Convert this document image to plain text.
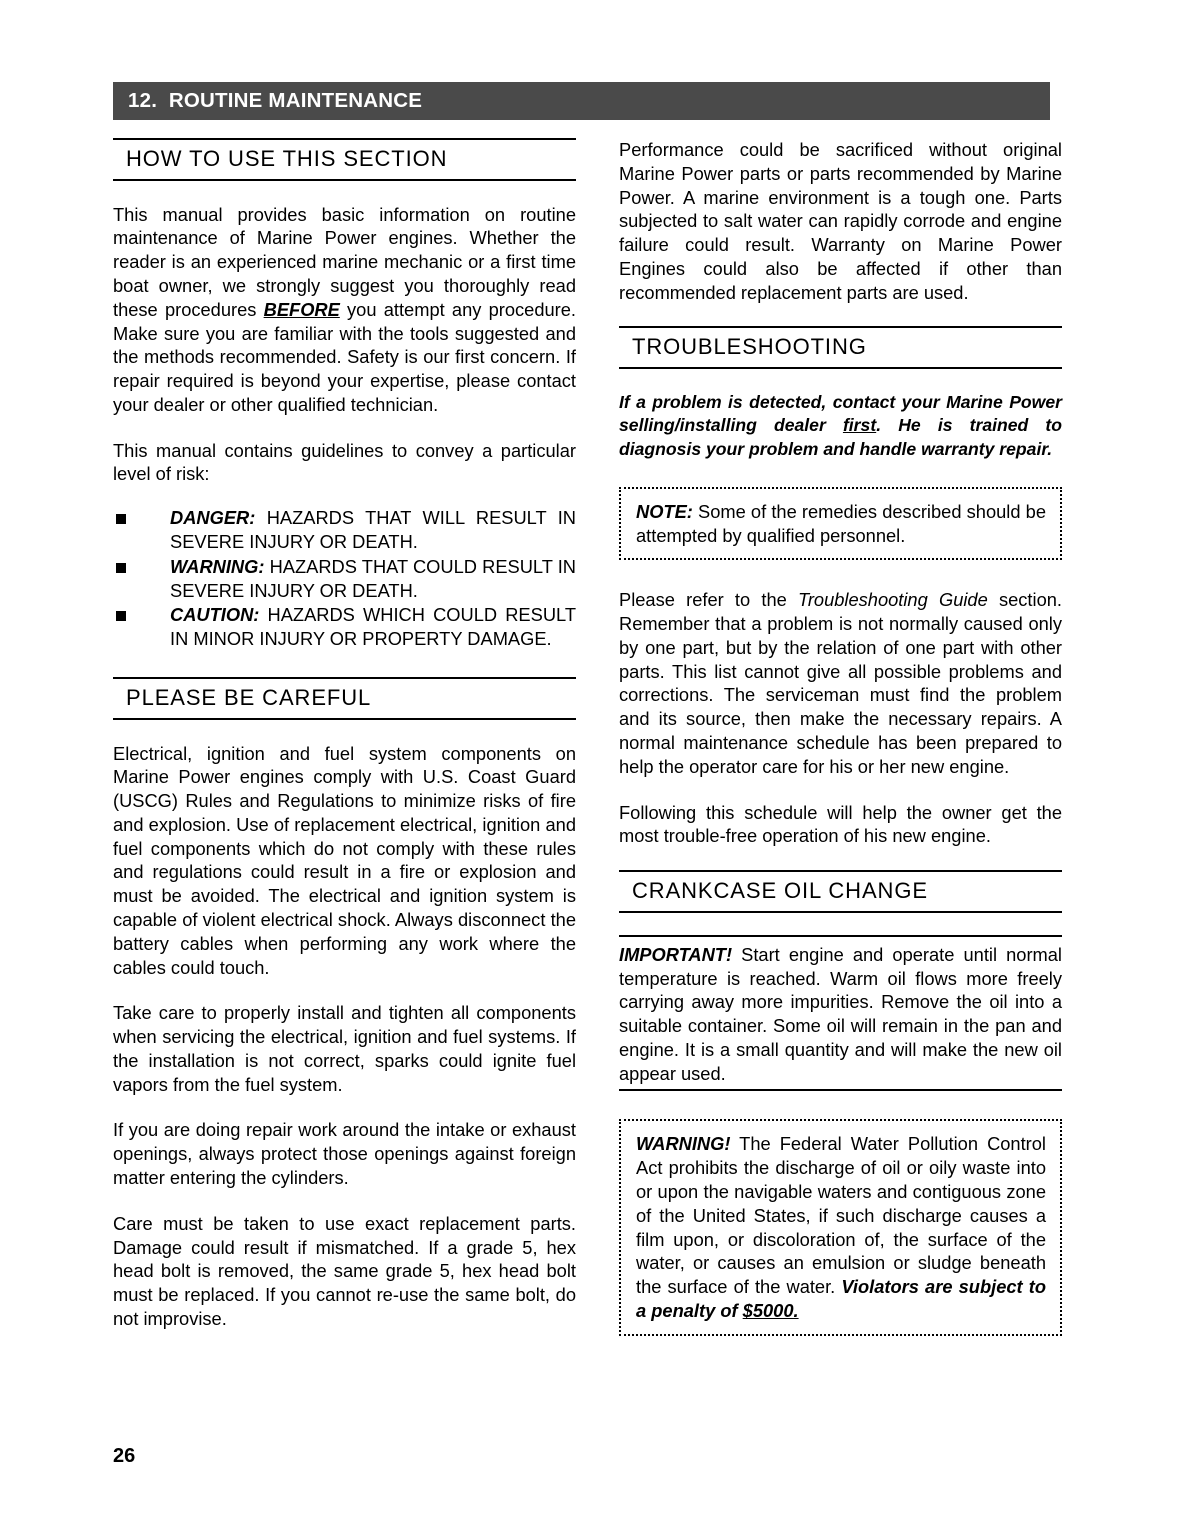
12.  ROUTINE MAINTENANCE
HOW TO USE THIS SECTION

This manual provides basic information on routine maintenance of Marine Power engines. Whether the reader is an experienced marine mechanic or a first time boat owner, we strongly suggest you thoroughly read these procedures BEFORE you attempt any procedure. Make sure you are familiar with the tools suggested and the methods recommended. Safety is our first concern. If repair required is beyond your expertise, please contact your dealer or other qualified technician.

This manual contains guidelines to convey a particular level of risk:

DANGER: HAZARDS THAT WILL RESULT IN SEVERE INJURY OR DEATH.
WARNING: HAZARDS THAT COULD RESULT IN SEVERE INJURY OR DEATH.
CAUTION: HAZARDS WHICH COULD RESULT IN MINOR INJURY OR PROPERTY DAMAGE.
PLEASE BE CAREFUL

Electrical, ignition and fuel system components on Marine Power engines comply with U.S. Coast Guard (USCG) Rules and Regulations to minimize risks of fire and explosion. Use of replacement electrical, ignition and fuel components which do not comply with these rules and regulations could result in a fire or explosion and must be avoided. The electrical and ignition system is capable of violent electrical shock. Always disconnect the battery cables when performing any work where the cables could touch.

Take care to properly install and tighten all components when servicing the electrical, ignition and fuel systems. If the installation is not correct, sparks could ignite fuel vapors from the fuel system.

If you are doing repair work around the intake or exhaust openings, always protect those openings against foreign matter entering the cylinders.

Care must be taken to use exact replacement parts. Damage could result if mismatched. If a grade 5, hex head bolt is removed, the same grade 5, hex head bolt must be replaced. If you cannot re-use the same bolt, do not improvise.

Performance could be sacrificed without original Marine Power parts or parts recommended by Marine Power. A marine environment is a tough one. Parts subjected to salt water can rapidly corrode and engine failure could result. Warranty on Marine Power Engines could also be affected if other than recommended replacement parts are used.

TROUBLESHOOTING

If a problem is detected, contact your Marine Power selling/installing dealer first. He is trained to diagnosis your problem and handle warranty repair.

NOTE: Some of the remedies described should be attempted by qualified personnel.

Please refer to the Troubleshooting Guide section. Remember that a problem is not normally caused only by one part, but by the relation of one part with other parts. This list cannot give all possible problems and corrections. The serviceman must find the problem and its source, then make the necessary repairs. A normal maintenance schedule has been prepared to help the operator care for his or her new engine.

Following this schedule will help the owner get the most trouble-free operation of his new engine.

CRANKCASE OIL CHANGE

IMPORTANT! Start engine and operate until normal temperature is reached. Warm oil flows more freely carrying away more impurities. Remove the oil into a suitable container. Some oil will remain in the pan and engine. It is a small quantity and will make the new oil appear used.

WARNING! The Federal Water Pollution Control Act prohibits the discharge of oil or oily waste into or upon the navigable waters and contiguous zone of the United States, if such discharge causes a film upon, or discoloration of, the surface of the water, or causes an emulsion or sludge beneath the surface of the water. Violators are subject to a penalty of $5000.
26
